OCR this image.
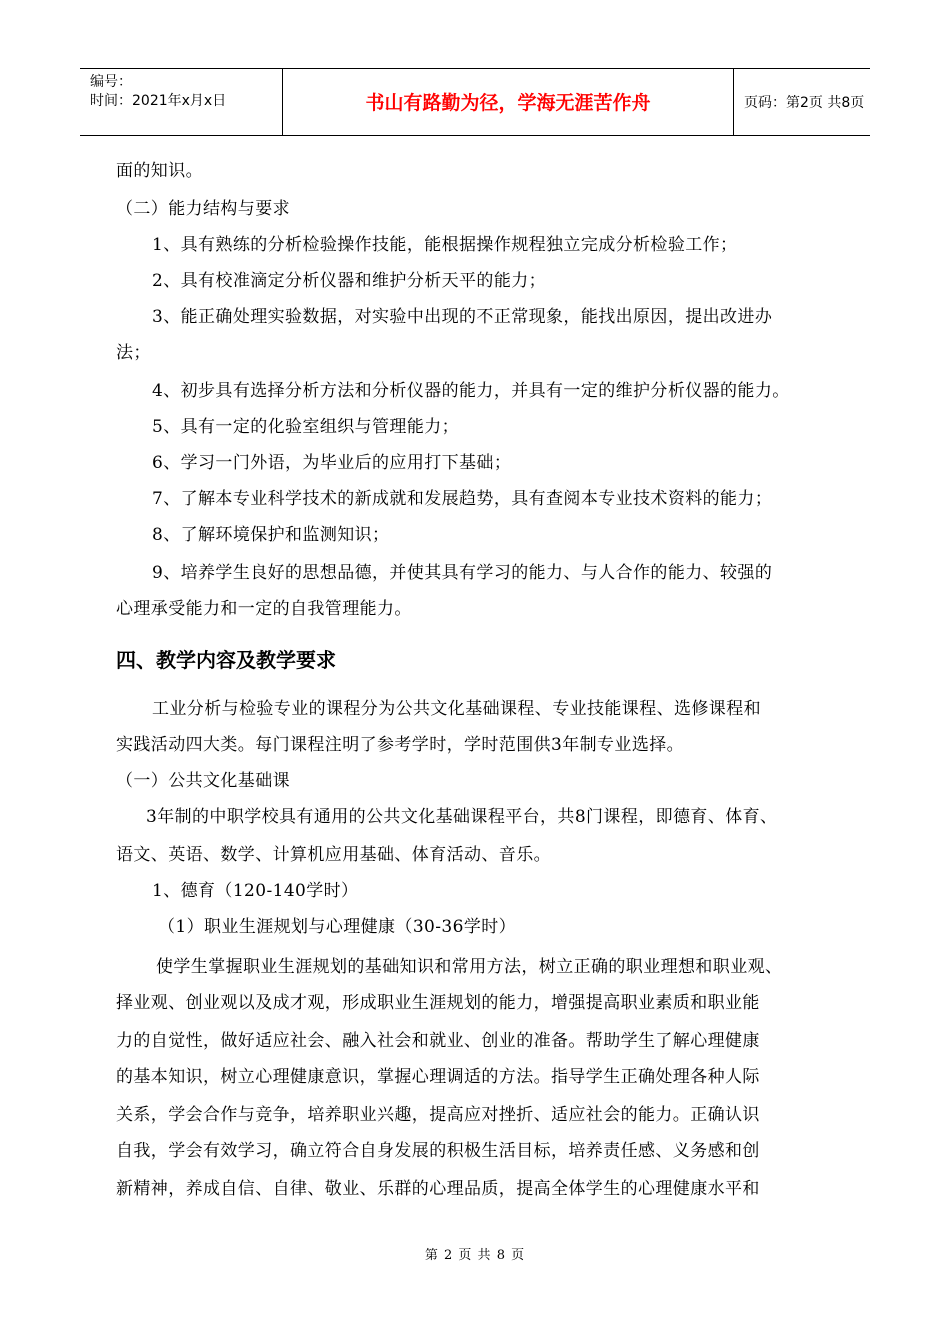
编号：
时间：2021年x月x日	书山有路勤为径，学海无涯苦作舟	页码：第2页 共8页
面的知识。
（二）能力结构与要求
1、具有熟练的分析检验操作技能，能根据操作规程独立完成分析检验工作；
2、具有校准滴定分析仪器和维护分析天平的能力；
3、能正确处理实验数据，对实验中出现的不正常现象，能找出原因，提出改进办
法；
4、初步具有选择分析方法和分析仪器的能力，并具有一定的维护分析仪器的能力。
5、具有一定的化验室组织与管理能力；
6、学习一门外语，为毕业后的应用打下基础；
7、了解本专业科学技术的新成就和发展趋势，具有查阅本专业技术资料的能力；
8、了解环境保护和监测知识；
9、培养学生良好的思想品德，并使其具有学习的能力、与人合作的能力、较强的
心理承受能力和一定的自我管理能力。
四、教学内容及教学要求
工业分析与检验专业的课程分为公共文化基础课程、专业技能课程、选修课程和
实践活动四大类。每门课程注明了参考学时，学时范围供3年制专业选择。
（一）公共文化基础课
3年制的中职学校具有通用的公共文化基础课程平台，共8门课程，即德育、体育、
语文、英语、数学、计算机应用基础、体育活动、音乐。
1、德育（120-140学时）
（1）职业生涯规划与心理健康（30-36学时）
使学生掌握职业生涯规划的基础知识和常用方法，树立正确的职业理想和职业观、
择业观、创业观以及成才观，形成职业生涯规划的能力，增强提高职业素质和职业能
力的自觉性，做好适应社会、融入社会和就业、创业的准备。帮助学生了解心理健康
的基本知识，树立心理健康意识，掌握心理调适的方法。指导学生正确处理各种人际
关系，学会合作与竞争，培养职业兴趣，提高应对挫折、适应社会的能力。正确认识
自我，学会有效学习，确立符合自身发展的积极生活目标，培养责任感、义务感和创
新精神，养成自信、自律、敬业、乐群的心理品质，提高全体学生的心理健康水平和
第 2 页 共 8 页
